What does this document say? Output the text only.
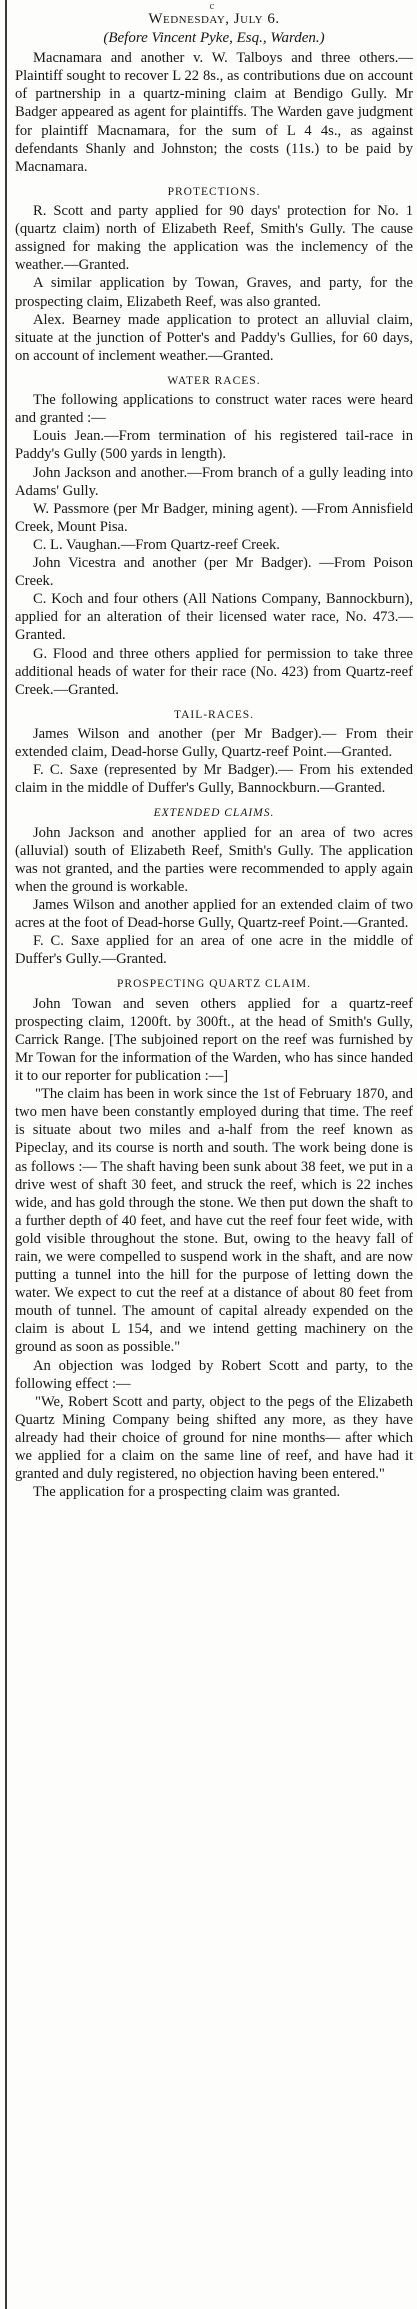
c
Wednesday, July 6.
(Before Vincent Pyke, Esq., Warden.)

Macnamara and another v. W. Talboys and three others.—Plaintiff sought to recover L 22 8s., as contributions due on account of partnership in a quartz-mining claim at Bendigo Gully. Mr Badger appeared as agent for plaintiffs. The Warden gave judgment for plaintiff Macnamara, for the sum of L 4 4s., as against defendants Shanly and Johnston; the costs (11s.) to be paid by Macnamara.

PROTECTIONS.

R. Scott and party applied for 90 days' protection for No. 1 (quartz claim) north of Elizabeth Reef, Smith's Gully. The cause assigned for making the application was the inclemency of the weather.—Granted.

A similar application by Towan, Graves, and party, for the prospecting claim, Elizabeth Reef, was also granted.

Alex. Bearney made application to protect an alluvial claim, situate at the junction of Potter's and Paddy's Gullies, for 60 days, on account of inclement weather.—Granted.

WATER RACES.

The following applications to construct water races were heard and granted :—

Louis Jean.—From termination of his registered tail-race in Paddy's Gully (500 yards in length).

John Jackson and another.—From branch of a gully leading into Adams' Gully.

W. Passmore (per Mr Badger, mining agent). —From Annisfield Creek, Mount Pisa.

C. L. Vaughan.—From Quartz-reef Creek.

John Vicestra and another (per Mr Badger). —From Poison Creek.

C. Koch and four others (All Nations Company, Bannockburn), applied for an alteration of their licensed water race, No. 473.—Granted.

G. Flood and three others applied for permission to take three additional heads of water for their race (No. 423) from Quartz-reef Creek.—Granted.

TAIL-RACES.

James Wilson and another (per Mr Badger).— From their extended claim, Dead-horse Gully, Quartz-reef Point.—Granted.

F. C. Saxe (represented by Mr Badger).— From his extended claim in the middle of Duffer's Gully, Bannockburn.—Granted.

EXTENDED CLAIMS.

John Jackson and another applied for an area of two acres (alluvial) south of Elizabeth Reef, Smith's Gully. The application was not granted, and the parties were recommended to apply again when the ground is workable.

James Wilson and another applied for an extended claim of two acres at the foot of Dead-horse Gully, Quartz-reef Point.—Granted.

F. C. Saxe applied for an area of one acre in the middle of Duffer's Gully.—Granted.

PROSPECTING QUARTZ CLAIM.

John Towan and seven others applied for a quartz-reef prospecting claim, 1200ft. by 300ft., at the head of Smith's Gully, Carrick Range. [The subjoined report on the reef was furnished by Mr Towan for the information of the Warden, who has since handed it to our reporter for publication :—]

"The claim has been in work since the 1st of February 1870, and two men have been constantly employed during that time. The reef is situate about two miles and a-half from the reef known as Pipeclay, and its course is north and south. The work being done is as follows :— The shaft having been sunk about 38 feet, we put in a drive west of shaft 30 feet, and struck the reef, which is 22 inches wide, and has gold through the stone. We then put down the shaft to a further depth of 40 feet, and have cut the reef four feet wide, with gold visible throughout the stone. But, owing to the heavy fall of rain, we were compelled to suspend work in the shaft, and are now putting a tunnel into the hill for the purpose of letting down the water. We expect to cut the reef at a distance of about 80 feet from mouth of tunnel. The amount of capital already expended on the claim is about L 154, and we intend getting machinery on the ground as soon as possible."

An objection was lodged by Robert Scott and party, to the following effect :—

"We, Robert Scott and party, object to the pegs of the Elizabeth Quartz Mining Company being shifted any more, as they have already had their choice of ground for nine months— after which we applied for a claim on the same line of reef, and have had it granted and duly registered, no objection having been entered."

The application for a prospecting claim was granted.
